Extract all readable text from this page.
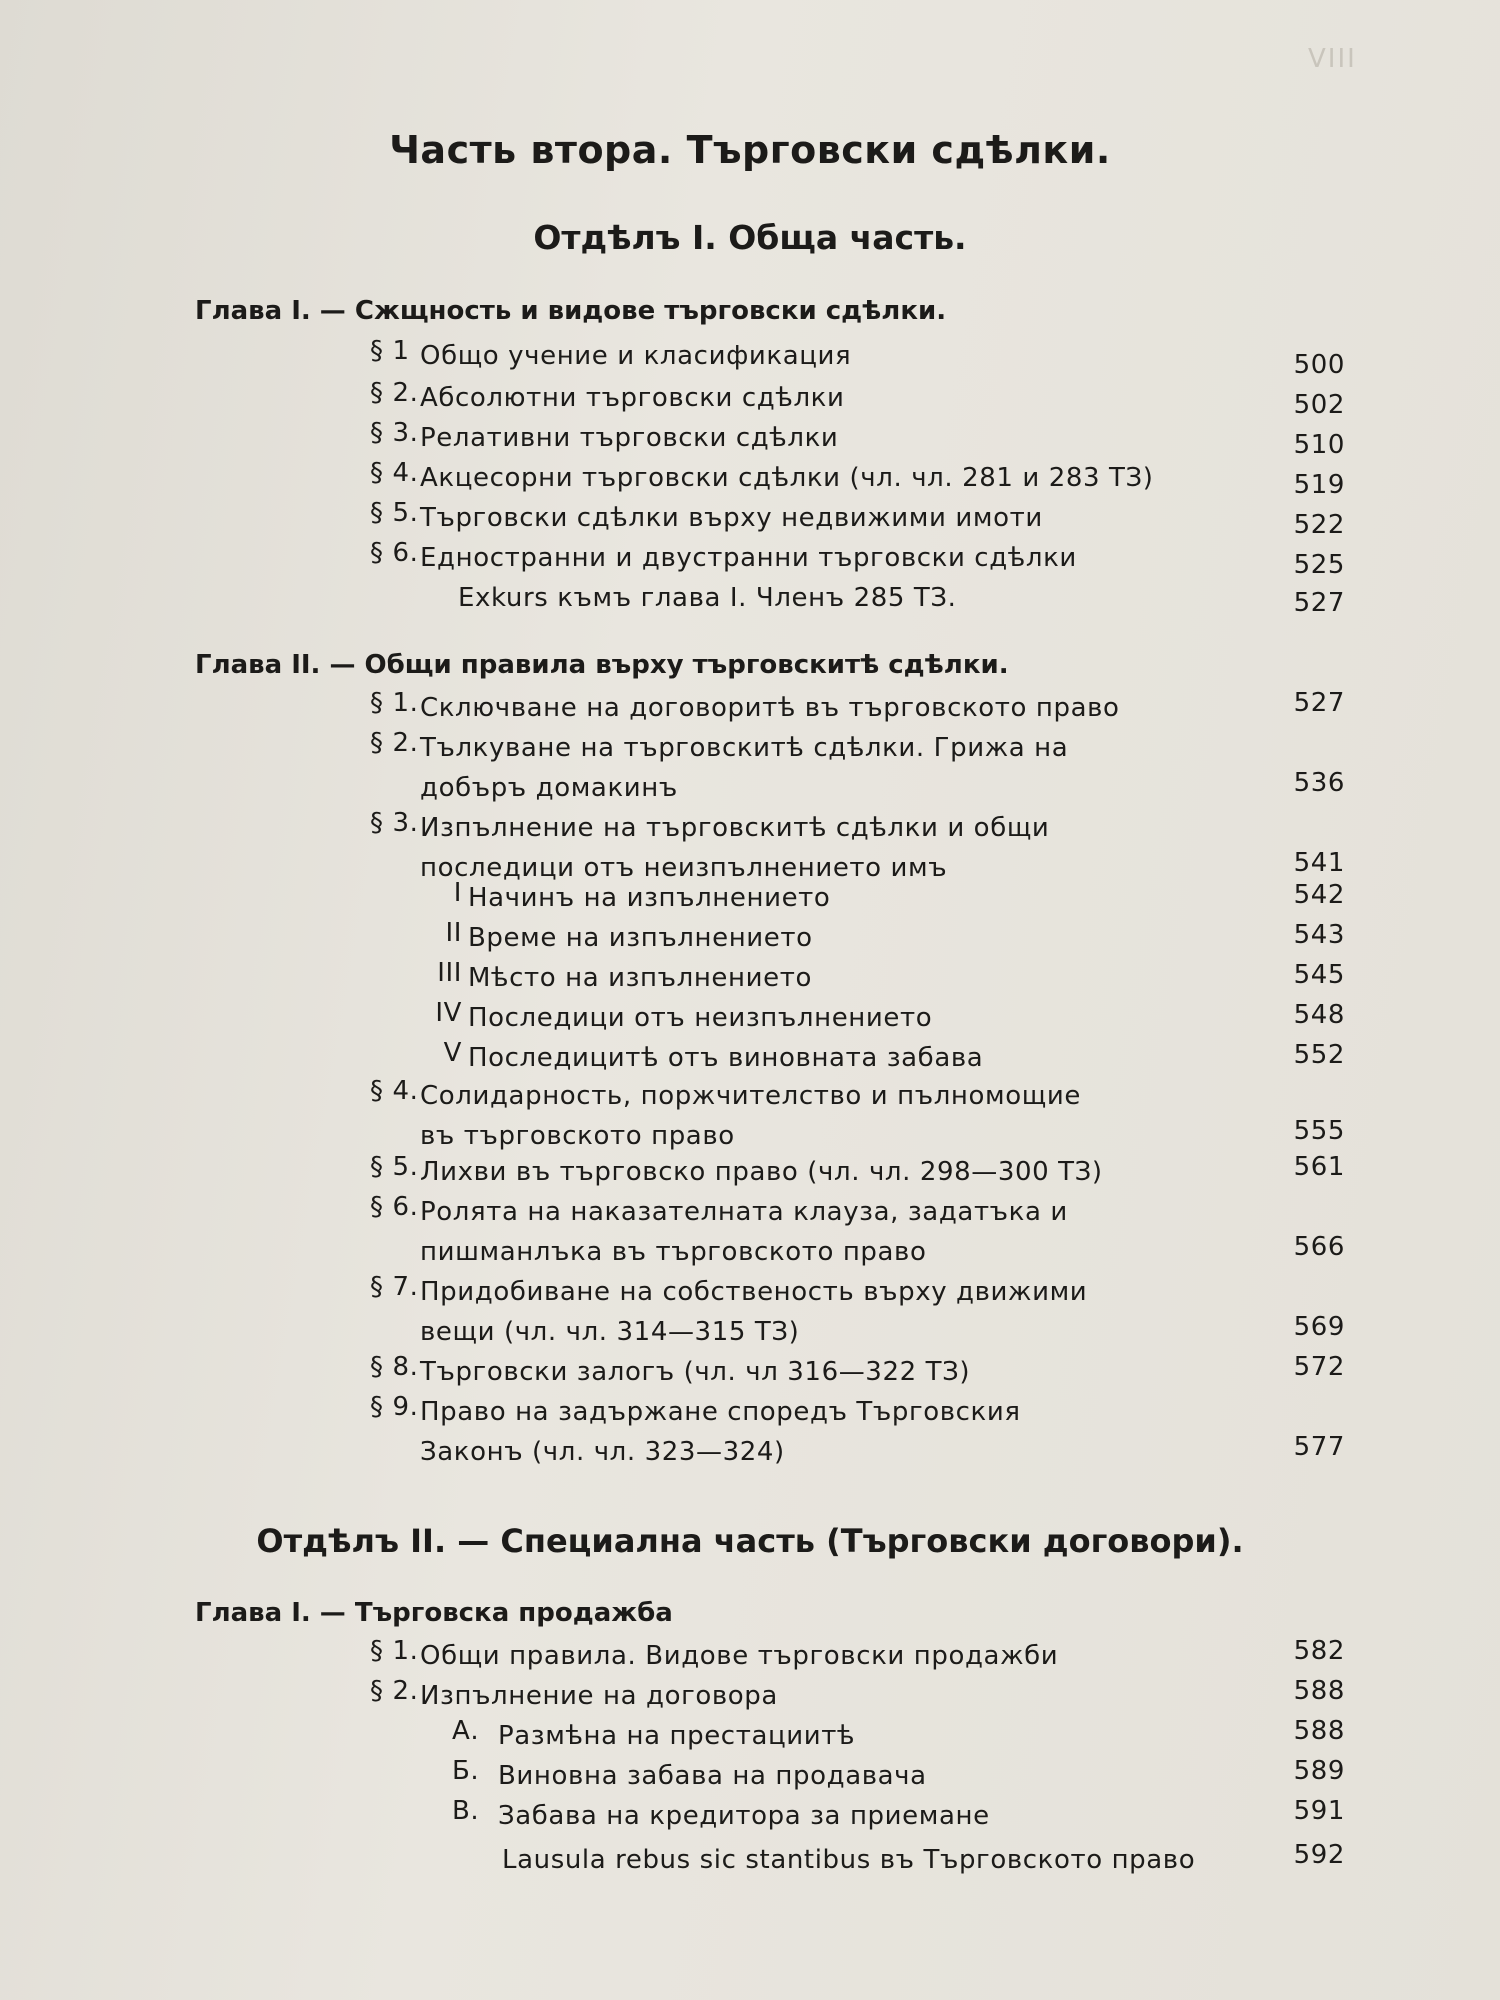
VIII
Часть втора. Търговски сдѣлки.
Отдѣлъ I. Обща часть.
Глава I. — Сжщность и видове търговски сдѣлки.
§ 1 Общо учение и класификация	500
§ 2. Абсолютни търговски сдѣлки	502
§ 3. Релативни търговски сдѣлки	510
§ 4. Акцесорни търговски сдѣлки (чл. чл. 281 и 283 ТЗ)	519
§ 5. Търговски сдѣлки върху недвижими имоти	522
§ 6. Едностранни и двустранни търговски сдѣлки	525
Exkurs къмъ глава I. Членъ 285 ТЗ.	527
Глава II. — Общи правила върху търговскитѣ сдѣлки.
§ 1. Сключване на договоритѣ въ търговското право	527
§ 2. Тълкуване на търговскитѣ сдѣлки. Грижа на
добъръ домакинъ	536
§ 3. Изпълнение на търговскитѣ сдѣлки и общи
последици отъ неизпълнението имъ	541
I Начинъ на изпълнението	542
II Време на изпълнението	543
III Мѣсто на изпълнението	545
IV Последици отъ неизпълнението	548
V Последицитѣ отъ виновната забава	552
§ 4. Солидарность, поржчителство и пълномощие
въ търговското право	555
§ 5. Лихви въ търговско право (чл. чл. 298—300 ТЗ)	561
§ 6. Ролята на наказателната клауза, задатъка и
пишманлъка въ търговското право	566
§ 7. Придобиване на собственость върху движими
вещи (чл. чл. 314—315 ТЗ)	569
§ 8. Търговски залогъ (чл. чл 316—322 ТЗ)	572
§ 9. Право на задържане споредъ Търговския
Законъ (чл. чл. 323—324)	577
Отдѣлъ II. — Специална часть (Търговски договори).
Глава I. — Търговска продажба
§ 1. Общи правила. Видове търговски продажби	582
§ 2. Изпълнение на договора	588
А. Размѣна на престациитѣ	588
Б. Виновна забава на продавача	589
В. Забава на кредитора за приемане	591
Lausula rebus sic stantibus въ Търговското право	592
